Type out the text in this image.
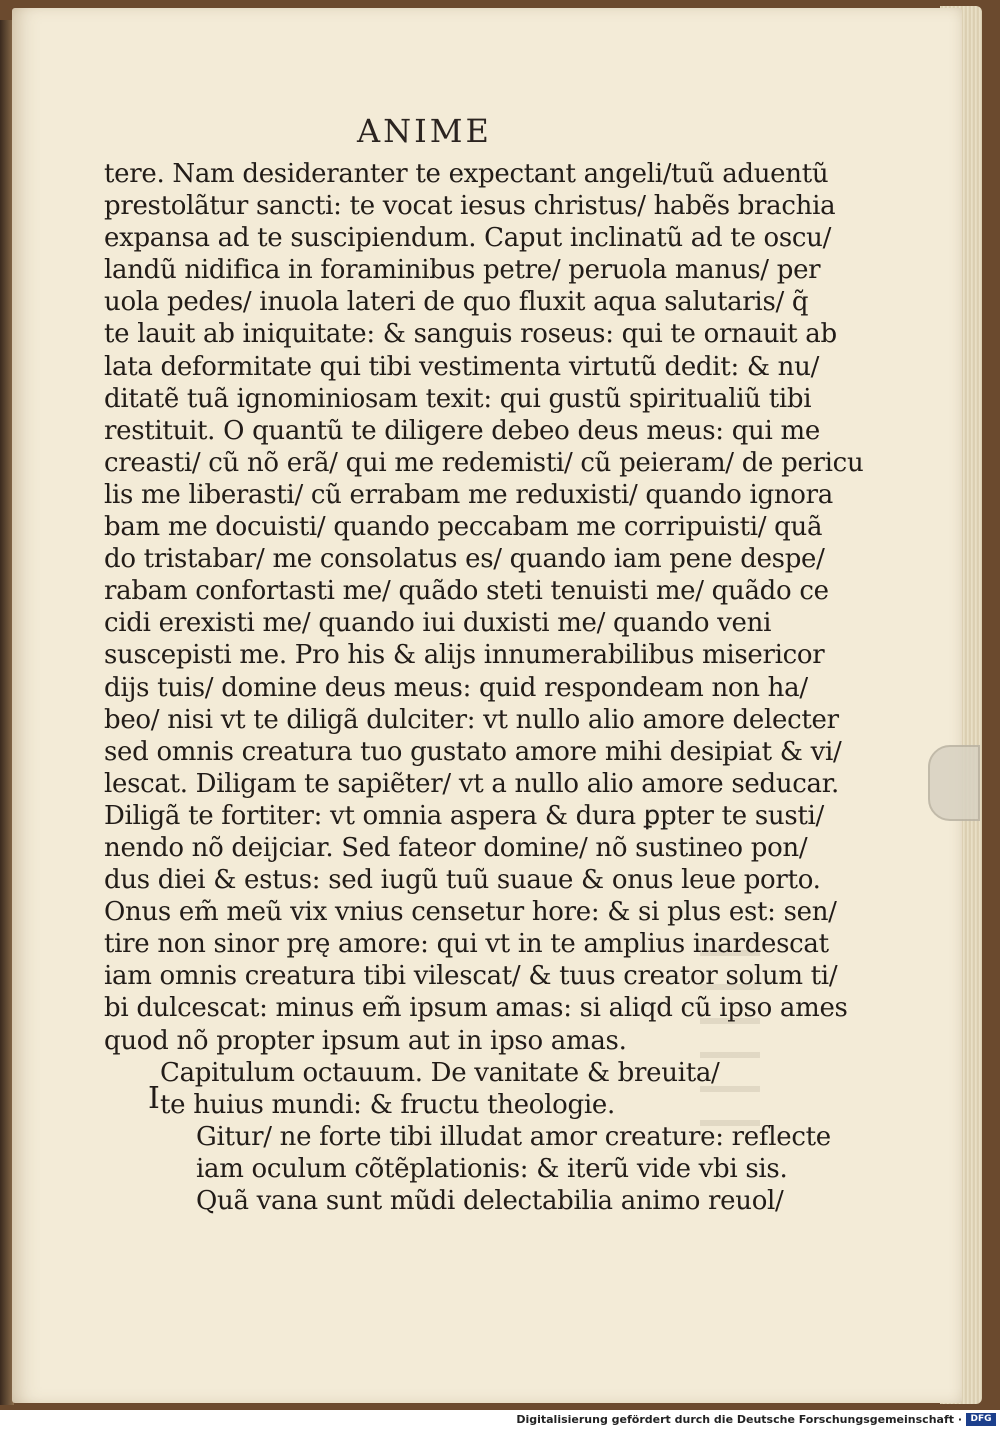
ANIME
tere. Nam desideranter te expectant angeli/tuũ aduentũ
prestolãtur sancti: te vocat iesus christus/ habẽs brachia
expansa ad te suscipiendum. Caput inclinatũ ad te oscu/
landũ nidifica in foraminibus petre/ peruola manus/ per
uola pedes/ inuola lateri de quo fluxit aqua salutaris/ q̃
te lauit ab iniquitate: & sanguis roseus: qui te ornauit ab
lata deformitate qui tibi vestimenta virtutũ dedit: & nu/
ditatẽ tuã ignominiosam texit: qui gustũ spiritualiũ tibi
restituit. O quantũ te diligere debeo deus meus: qui me
creasti/ cũ nõ erã/ qui me redemisti/ cũ peieram/ de pericu
lis me liberasti/ cũ errabam me reduxisti/ quando ignora
bam me docuisti/ quando peccabam me corripuisti/ quã
do tristabar/ me consolatus es/ quando iam pene despe/
rabam confortasti me/ quãdo steti tenuisti me/ quãdo ce
cidi erexisti me/ quando iui duxisti me/ quando veni
suscepisti me. Pro his & alijs innumerabilibus misericor
dijs tuis/ domine deus meus: quid respondeam non ha/
beo/ nisi vt te diligã dulciter: vt nullo alio amore delecter
sed omnis creatura tuo gustato amore mihi desipiat & vi/
lescat. Diligam te sapiẽter/ vt a nullo alio amore seducar.
Diligã te fortiter: vt omnia aspera & dura ꝑpter te susti/
nendo nõ deijciar. Sed fateor domine/ nõ sustineo pon/
dus diei & estus: sed iugũ tuũ suaue & onus leue porto.
Onus em̃ meũ vix vnius censetur hore: & si plus est: sen/
tire non sinor prę amore: qui vt in te amplius inardescat
iam omnis creatura tibi vilescat/ & tuus creator solum ti/
bi dulcescat: minus em̃ ipsum amas: si aliqd cũ ipso ames
quod nõ propter ipsum aut in ipso amas.
Capitulum octauum. De vanitate & breuita/
te huius mundi: & fructu theologie.
Gitur/ ne forte tibi illudat amor creature: reflecte
iam oculum cõtẽplationis: & iterũ vide vbi sis.
Quã vana sunt mũdi delectabilia animo reuol/
I
Digitalisierung gefördert durch die Deutsche Forschungsgemeinschaft · DFG
